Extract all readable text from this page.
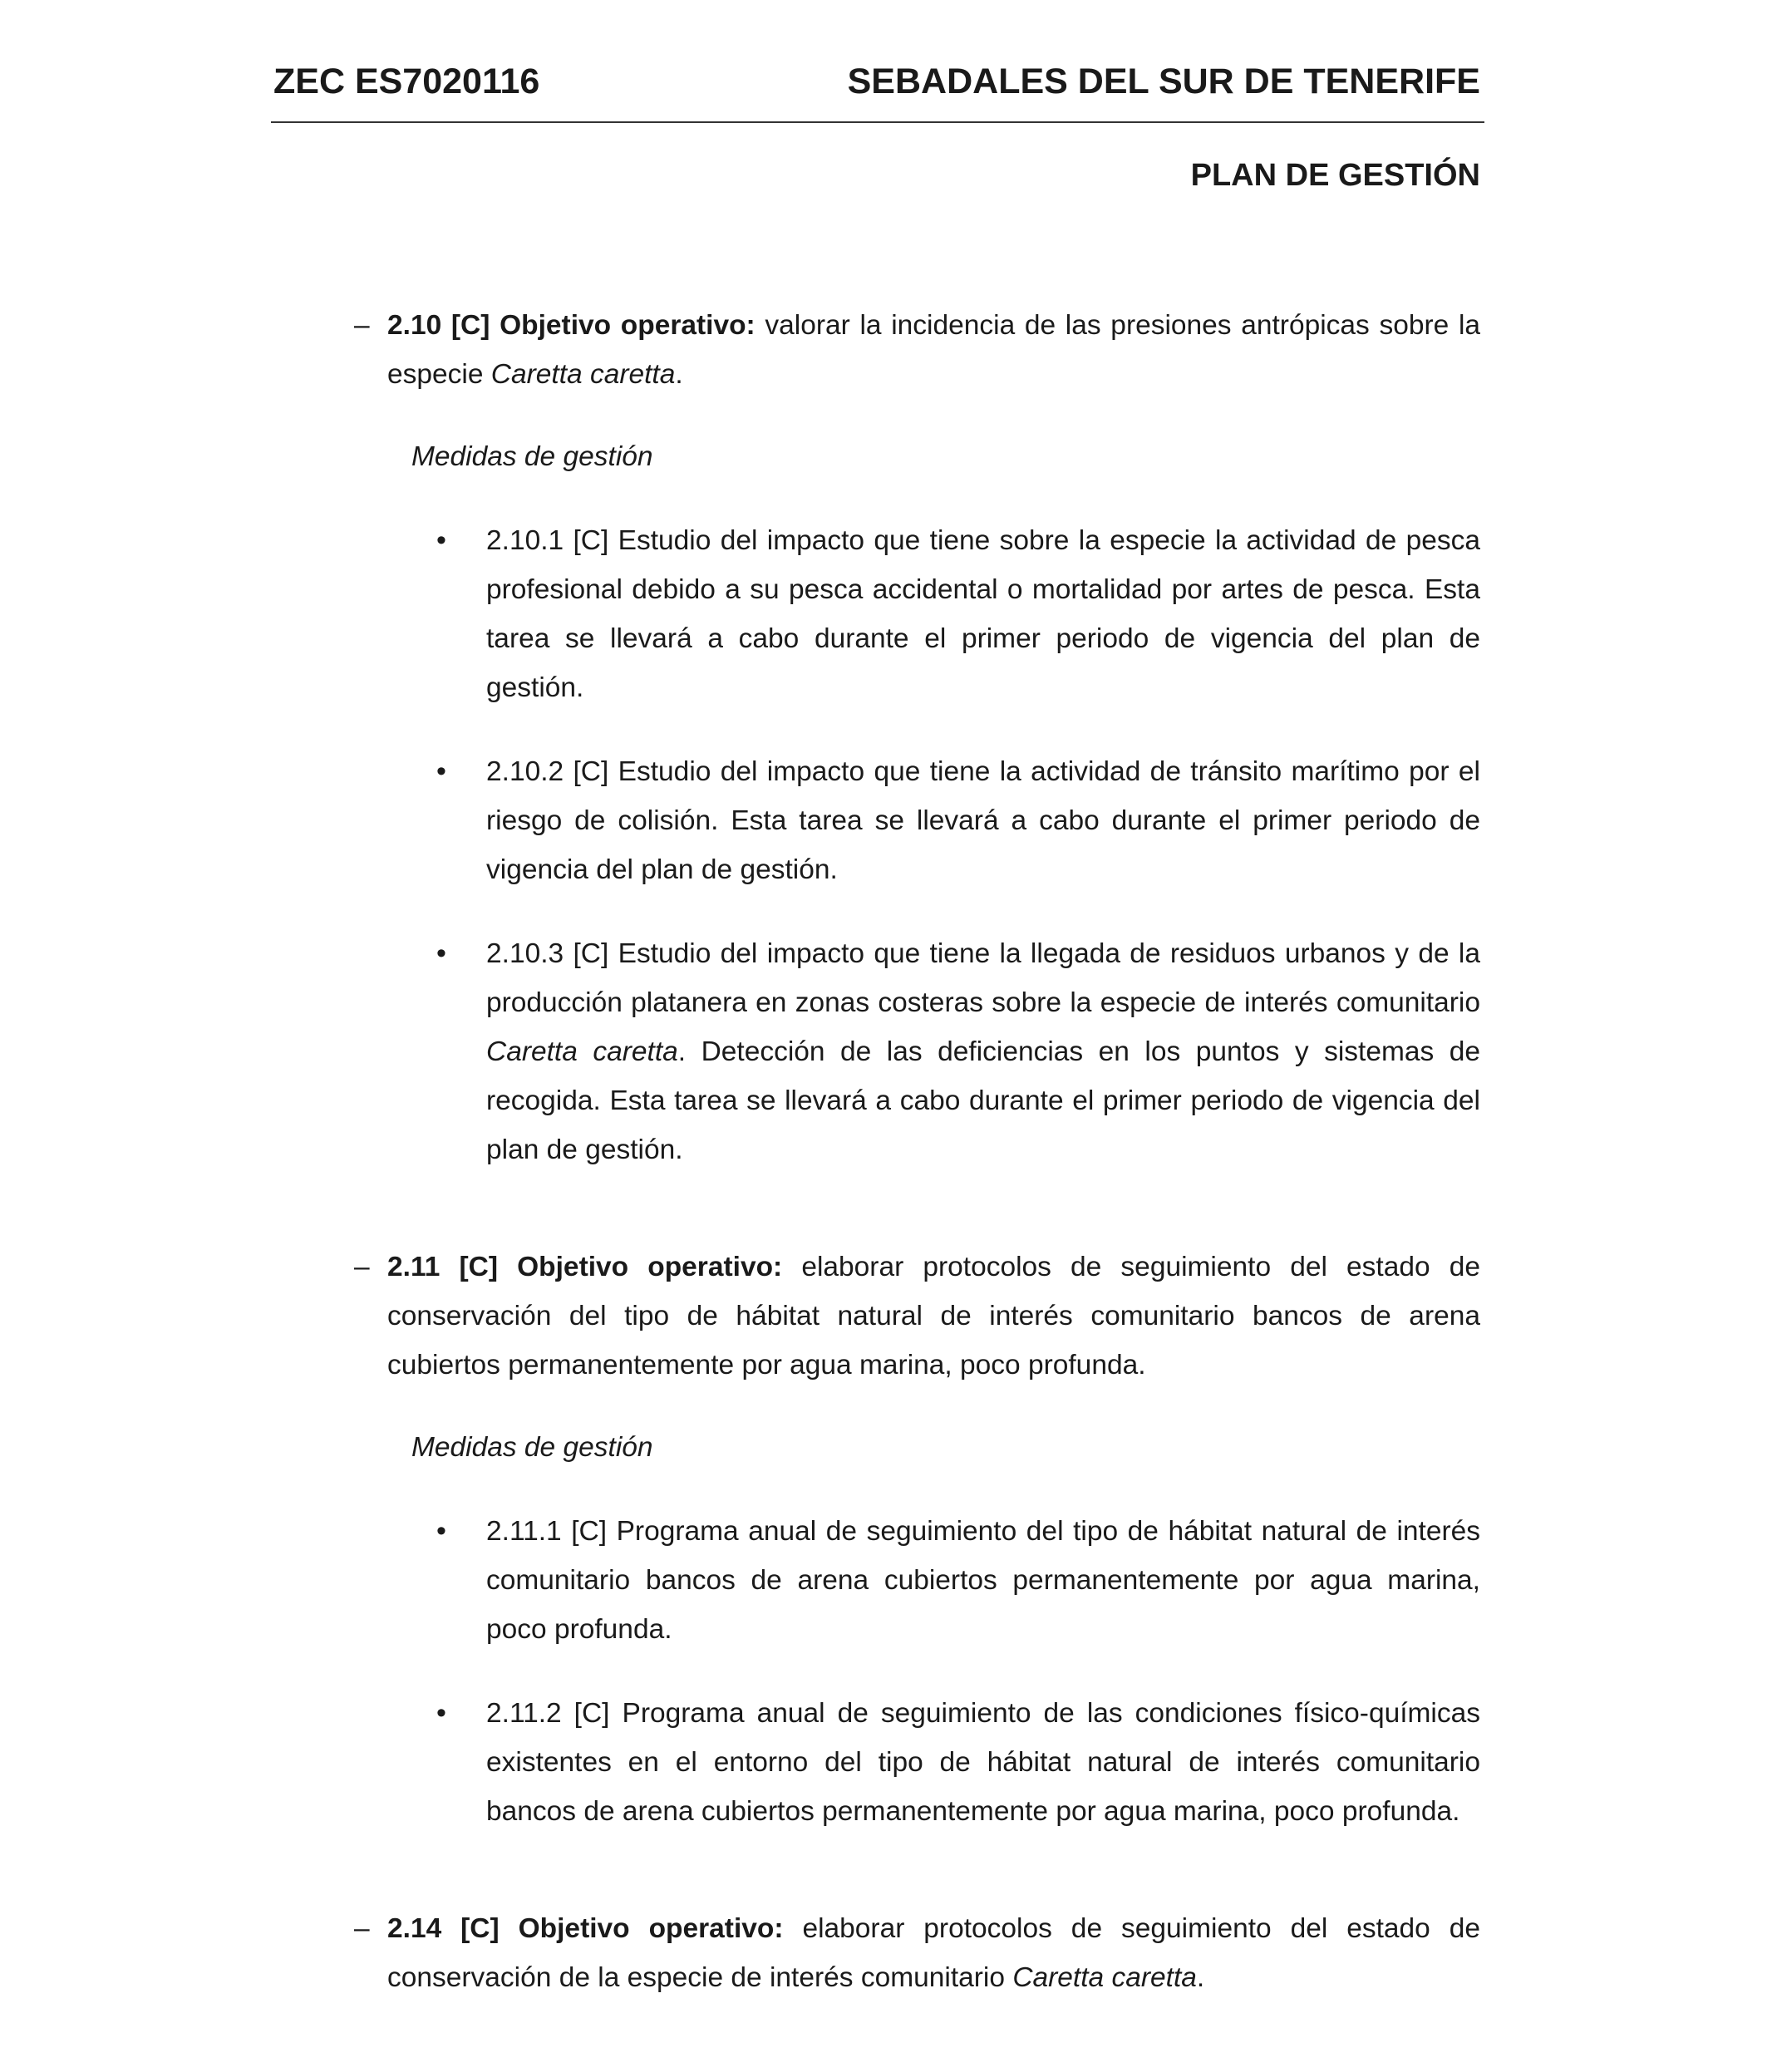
ZEC ES7020116	SEBADALES DEL SUR DE TENERIFE
PLAN DE GESTIÓN
– 2.10 [C] Objetivo operativo: valorar la incidencia de las presiones antrópicas sobre la especie Caretta caretta.
Medidas de gestión
• 2.10.1 [C] Estudio del impacto que tiene sobre la especie la actividad de pesca profesional debido a su pesca accidental o mortalidad por artes de pesca. Esta tarea se llevará a cabo durante el primer periodo de vigencia del plan de gestión.
• 2.10.2 [C] Estudio del impacto que tiene la actividad de tránsito marítimo por el riesgo de colisión. Esta tarea se llevará a cabo durante el primer periodo de vigencia del plan de gestión.
• 2.10.3 [C] Estudio del impacto que tiene la llegada de residuos urbanos y de la producción platanera en zonas costeras sobre la especie de interés comunitario Caretta caretta. Detección de las deficiencias en los puntos y sistemas de recogida. Esta tarea se llevará a cabo durante el primer periodo de vigencia del plan de gestión.
– 2.11 [C] Objetivo operativo: elaborar protocolos de seguimiento del estado de conservación del tipo de hábitat natural de interés comunitario bancos de arena cubiertos permanentemente por agua marina, poco profunda.
Medidas de gestión
• 2.11.1 [C] Programa anual de seguimiento del tipo de hábitat natural de interés comunitario bancos de arena cubiertos permanentemente por agua marina, poco profunda.
• 2.11.2 [C] Programa anual de seguimiento de las condiciones físico-químicas existentes en el entorno del tipo de hábitat natural de interés comunitario bancos de arena cubiertos permanentemente por agua marina, poco profunda.
– 2.14 [C] Objetivo operativo: elaborar protocolos de seguimiento del estado de conservación de la especie de interés comunitario Caretta caretta.
